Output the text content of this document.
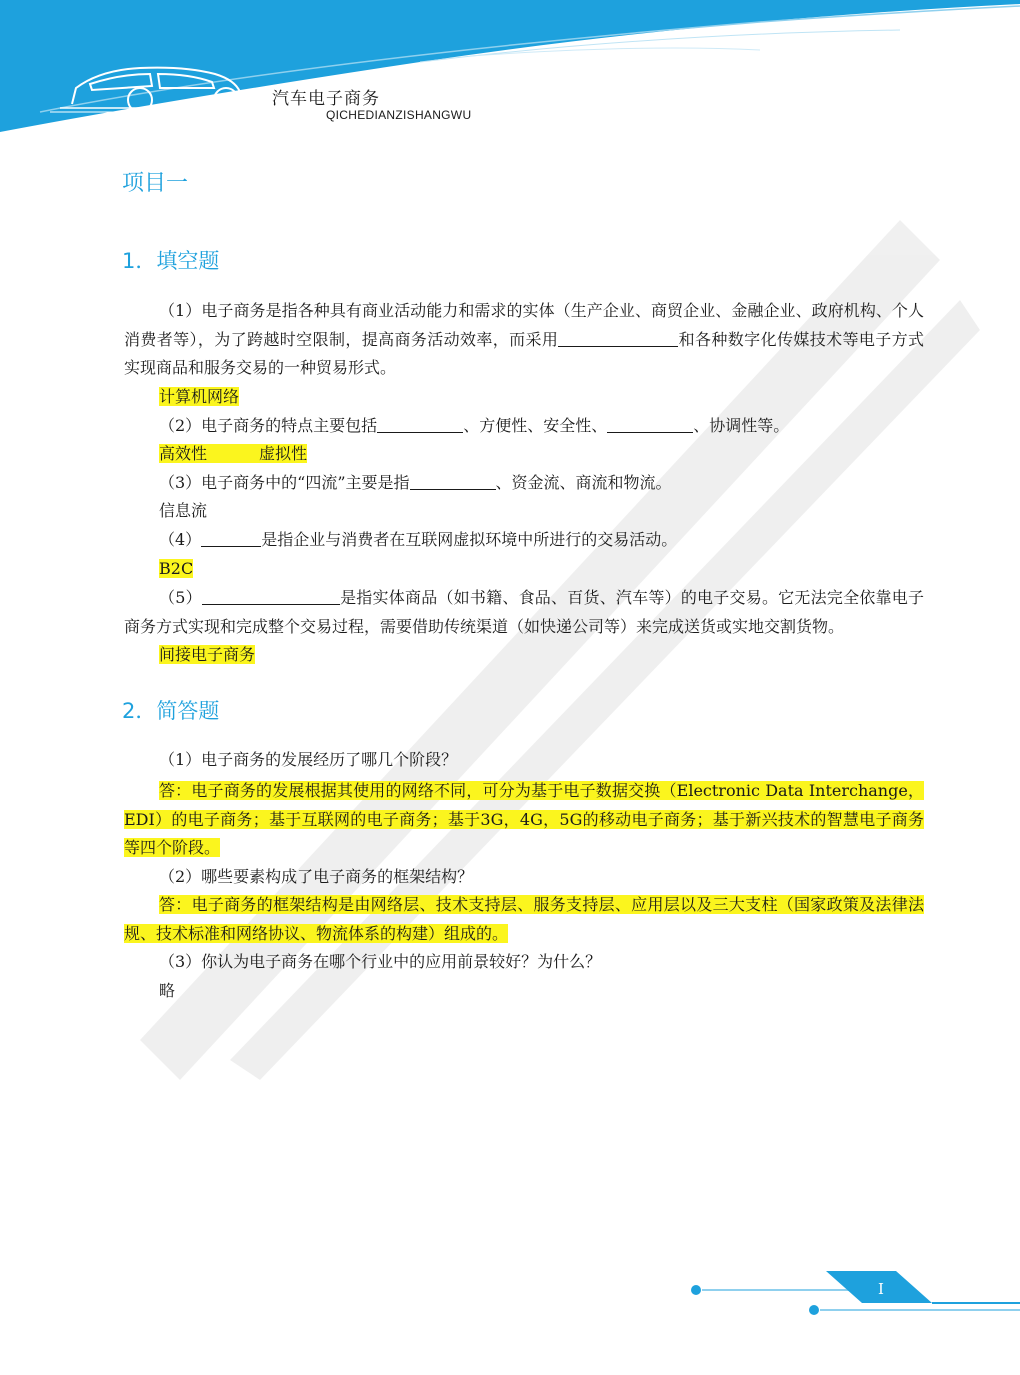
汽车电子商务
QICHEDIANZISHANGWU
项目一
1．填空题
（1）电子商务是指各种具有商业活动能力和需求的实体（生产企业、商贸企业、金融企业、政府机构、个人消费者等），为了跨越时空限制，提高商务活动效率，而采用	和各种数字化传媒技术等电子方式实现商品和服务交易的一种贸易形式。
计算机网络
（2）电子商务的特点主要包括	、方便性、安全性、	、协调性等。
高效性	虚拟性
（3）电子商务中的“四流”主要是指	、资金流、商流和物流。
信息流
（4）	是指企业与消费者在互联网虚拟环境中所进行的交易活动。
B2C
（5）	是指实体商品（如书籍、食品、百货、汽车等）的电子交易。它无法完全依靠电子商务方式实现和完成整个交易过程，需要借助传统渠道（如快递公司等）来完成送货或实地交割货物。
间接电子商务
2．简答题
（1）电子商务的发展经历了哪几个阶段？
答：电子商务的发展根据其使用的网络不同，可分为基于电子数据交换（Electronic Data Interchange，EDI）的电子商务；基于互联网的电子商务；基于3G，4G，5G的移动电子商务；基于新兴技术的智慧电子商务等四个阶段。
（2）哪些要素构成了电子商务的框架结构？
答：电子商务的框架结构是由网络层、技术支持层、服务支持层、应用层以及三大支柱（国家政策及法律法规、技术标准和网络协议、物流体系的构建）组成的。
（3）你认为电子商务在哪个行业中的应用前景较好？为什么？
略
I
